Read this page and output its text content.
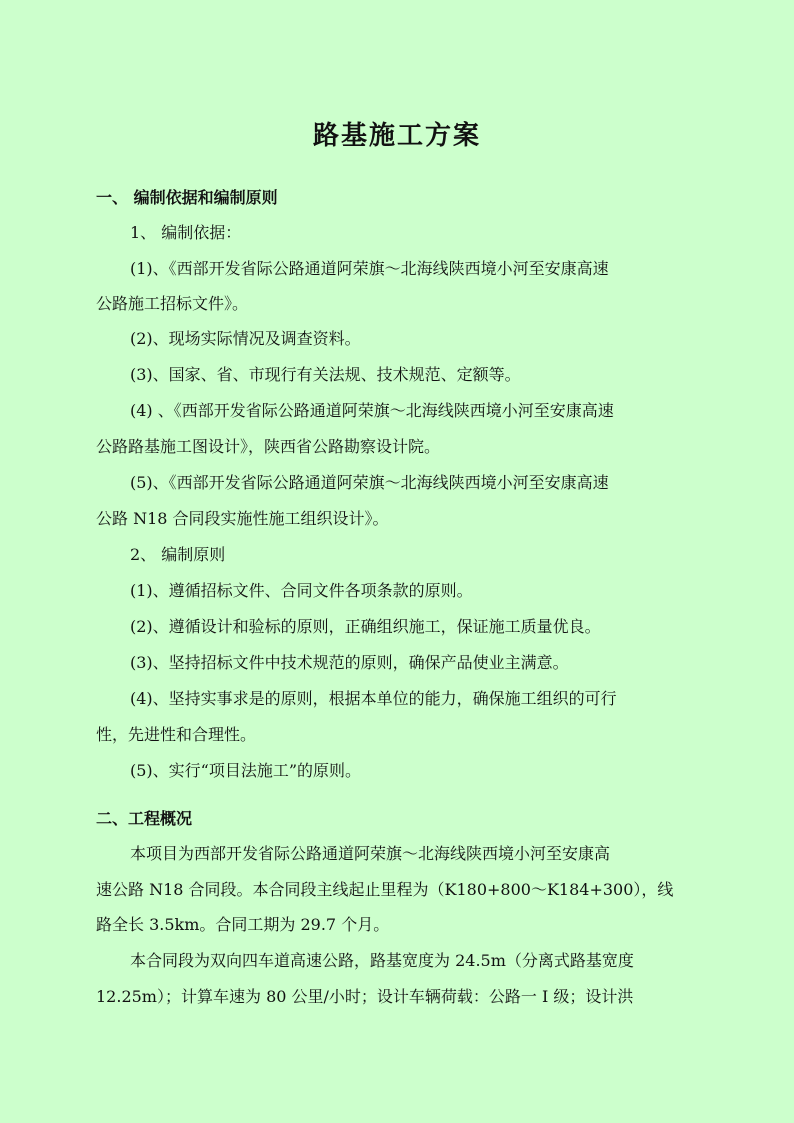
路基施工方案
一、 编制依据和编制原则
1、 编制依据：
(1)、《西部开发省际公路通道阿荣旗～北海线陕西境小河至安康高速
公路施工招标文件》。
(2)、现场实际情况及调查资料。
(3)、国家、省、市现行有关法规、技术规范、定额等。
(4) 、《西部开发省际公路通道阿荣旗～北海线陕西境小河至安康高速
公路路基施工图设计》，陕西省公路勘察设计院。
(5)、《西部开发省际公路通道阿荣旗～北海线陕西境小河至安康高速
公路 N18 合同段实施性施工组织设计》。
2、 编制原则
(1)、遵循招标文件、合同文件各项条款的原则。
(2)、遵循设计和验标的原则，正确组织施工，保证施工质量优良。
(3)、坚持招标文件中技术规范的原则，确保产品使业主满意。
(4)、坚持实事求是的原则，根据本单位的能力，确保施工组织的可行
性，先进性和合理性。
(5)、实行“项目法施工”的原则。
二、工程概况
本项目为西部开发省际公路通道阿荣旗～北海线陕西境小河至安康高
速公路 N18 合同段。本合同段主线起止里程为（K180+800～K184+300），线
路全长 3.5km。合同工期为 29.7 个月。
本合同段为双向四车道高速公路，路基宽度为 24.5m（分离式路基宽度
12.25m）；计算车速为 80 公里/小时；设计车辆荷载：公路一 I 级；设计洪
